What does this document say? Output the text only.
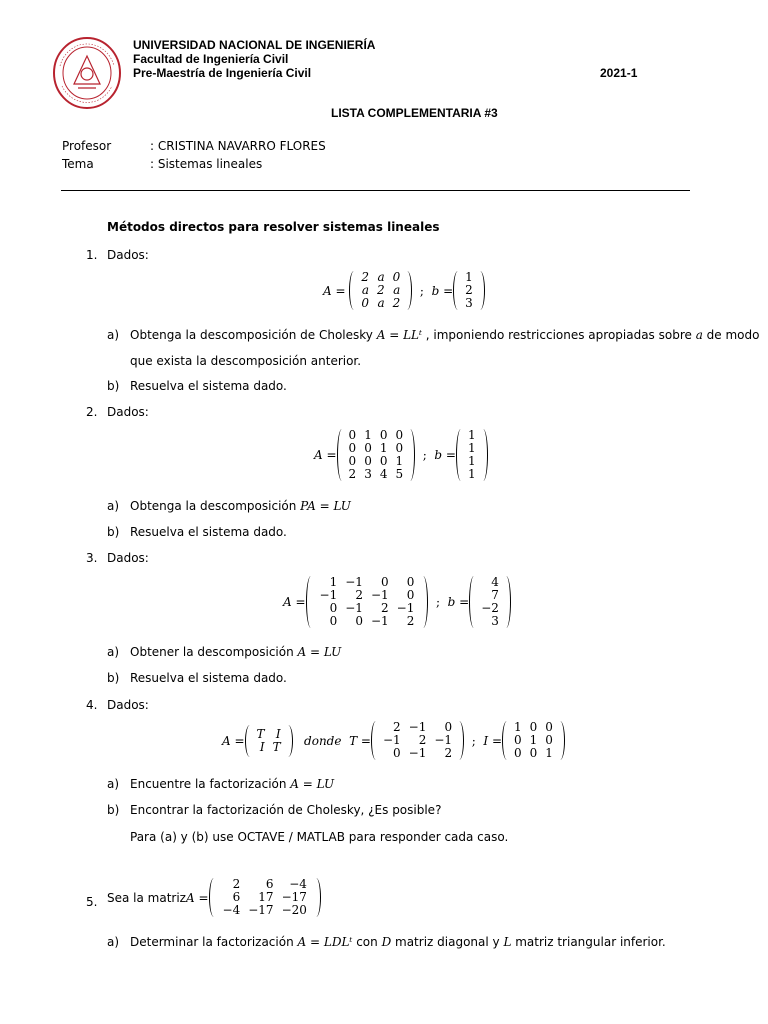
UNIVERSIDAD NACIONAL DE INGENIERÍA
Facultad de Ingeniería Civil
Pre-Maestría de Ingeniería Civil	2021-1
LISTA COMPLEMENTARIA #3
Profesor	: CRISTINA NAVARRO FLORES
Tema	: Sistemas lineales
Métodos directos para resolver sistemas lineales
1. Dados:
A =
2	a	0
a	2	a
0	a	2
; b =
1
2
3
a) Obtenga la descomposición de Cholesky A = LLᵗ , imponiendo restricciones apropiadas sobre a de modo
que exista la descomposición anterior.
b) Resuelva el sistema dado.
2. Dados:
A =
0	1	0	0
0	0	1	0
0	0	0	1
2	3	4	5
; b =
1
1
1
1
a) Obtenga la descomposición PA = LU
b) Resuelva el sistema dado.
3. Dados:
A =
1	−1	0	0
−1	2	−1	0
0	−1	2	−1
0	0	−1	2
; b =
4
7
−2
3
a) Obtener la descomposición A = LU
b) Resuelva el sistema dado.
4. Dados:
A = T	I
I	T
donde T =
2	−1	0
−1	2	−1
0	−1	2
; I =
1	0	0
0	1	0
0	0	1
a) Encuentre la factorización A = LU
b) Encontrar la factorización de Cholesky, ¿Es posible?
Para (a) y (b) use OCTAVE / MATLAB para responder cada caso.
5. Sea la matriz A =
2	6	−4
6	17	−17
−4	−17	−20
a) Determinar la factorización A = LDLᵗ con D matriz diagonal y L matriz triangular inferior.
